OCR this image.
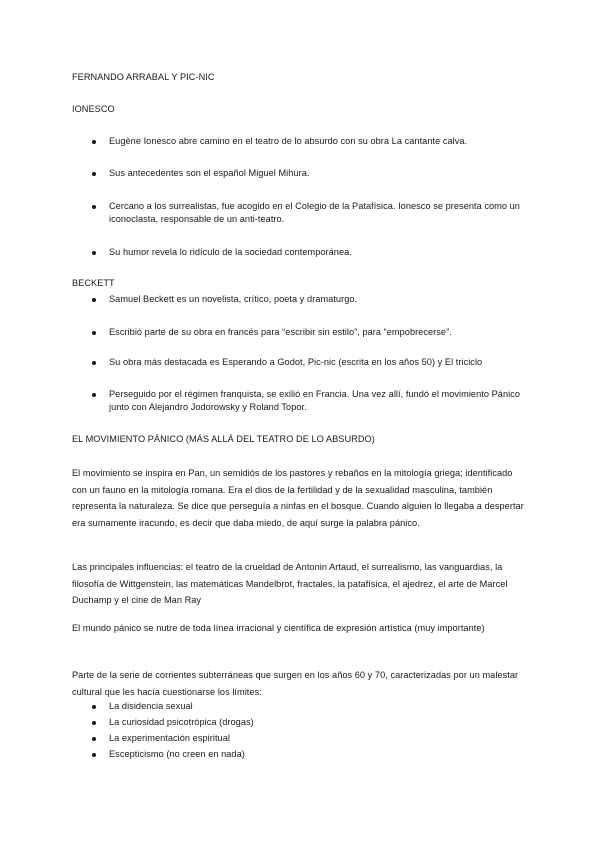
FERNANDO ARRABAL Y PIC-NIC
IONESCO
Eugène Ionesco abre camino en el teatro de lo absurdo con su obra La cantante calva.
Sus antecedentes son el español Miguel Mihura.
Cercano a los surrealistas, fue acogido en el Colegio de la Patafísica. Ionesco se presenta como un iconoclasta, responsable de un anti-teatro.
Su humor revela lo ridículo de la sociedad contemporánea.
BECKETT
Samuel Beckett es un novelista, crítico, poeta y dramaturgo.
Escribió parte de su obra en francés para “escribir sin estilo”, para “empobrecerse”.
Su obra más destacada es Esperando a Godot, Pic-nic (escrita en los años 50) y El triciclo
Perseguido por el régimen franquista, se exilió en Francia. Una vez allí, fundó el movimiento Pánico junto con Alejandro Jodorowsky y Roland Topor.
EL MOVIMIENTO PÁNICO (MÁS ALLÁ DEL TEATRO DE LO ABSURDO)
El movimiento se inspira en Pan, un semidiós de los pastores y rebaños en la mitología griega; identificado con un fauno en la mitología romana. Era el dios de la fertilidad y de la sexualidad masculina, también representa la naturaleza. Se dice que perseguía a ninfas en el bosque. Cuando alguien lo llegaba a despertar era sumamente iracundo, es decir que daba miedo, de aquí surge la palabra pánico.
Las principales influencias: el teatro de la crueldad de Antonin Artaud, el surrealismo, las vanguardias, la filosofía de Wittgenstein, las matemáticas Mandelbrot, fractales, la patafísica, el ajedrez, el arte de Marcel Duchamp y el cine de Man Ray
El mundo pánico se nutre de toda línea irracional y científica de expresión artística (muy importante)
Parte de la serie de corrientes subterráneas que surgen en los años 60 y 70, caracterizadas por un malestar cultural que les hacía cuestionarse los límites:
La disidencia sexual
La curiosidad psicotrópica (drogas)
La experimentación espiritual
Escepticismo (no creen en nada)
